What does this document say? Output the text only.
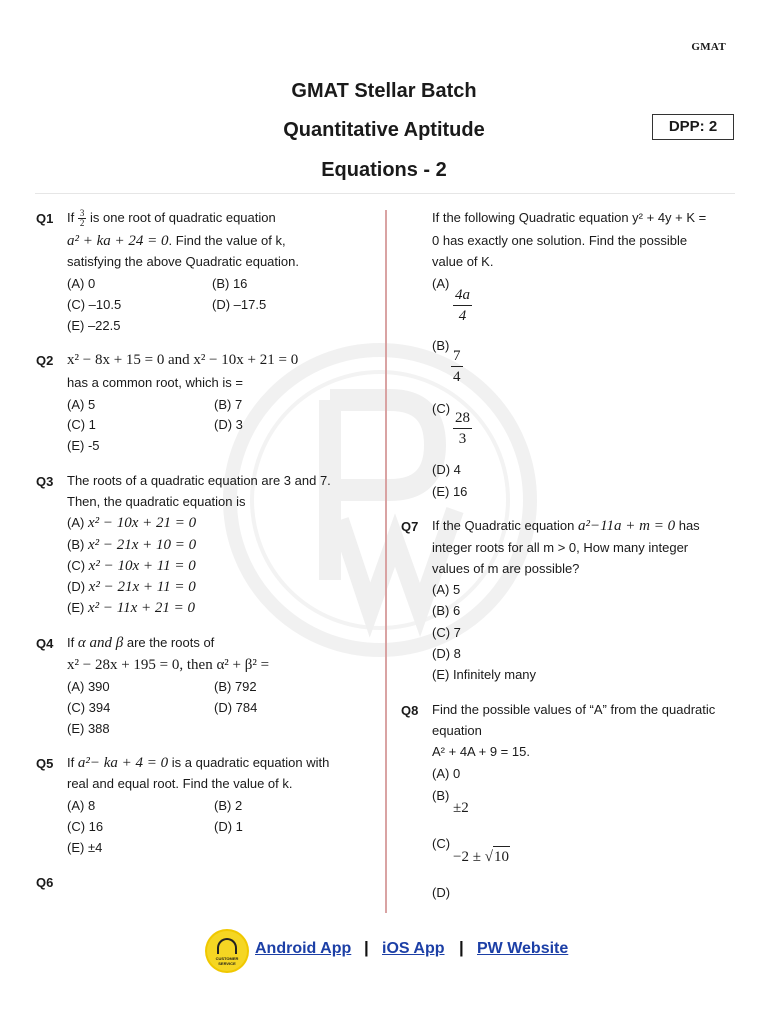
GMAT
GMAT Stellar Batch
Quantitative Aptitude
Equations - 2
DPP: 2
Q1 If $\frac{3}{2}$ is one root of quadratic equation
a² + ka + 24 = 0. Find the value of k,
satisfying the above Quadratic equation.
(A) 0	(B) 16
(C) –10.5	(D) –17.5
(E) –22.5
Q2 x² − 8x + 15 = 0 and x² − 10x + 21 = 0
has a common root, which is =
(A) 5	(B) 7
(C) 1	(D) 3
(E) -5
Q3 The roots of a quadratic equation are 3 and 7.
Then, the quadratic equation is
(A) x² − 10x + 21 = 0
(B) x² − 21x + 10 = 0
(C) x² − 10x + 11 = 0
(D) x² − 21x + 11 = 0
(E) x² − 11x + 21 = 0
Q4 If α and β are the roots of
x² − 28x + 195 = 0, then α² + β² =
(A) 390	(B) 792
(C) 394	(D) 784
(E) 388
Q5 If a²− ka + 4 = 0 is a quadratic equation with
real and equal root. Find the value of k.
(A) 8	(B) 2
(C) 16	(D) 1
(E) ±4
Q6
If the following Quadratic equation y² + 4y + K =
0 has exactly one solution. Find the possible
value of K.
(A)
$\frac{4a}{4}$
(B)
$\frac{7}{4}$
$(C) \frac{28}{3}$
(D) 4
(E) 16
Q7 If the Quadratic equation a²−11a + m = 0 has
integer roots for all m > 0, How many integer
values of m are possible?
(A) 5
(B) 6
(C) 7
(D) 8
(E) Infinitely many
Q8 Find the possible values of “A” from the quadratic
equation
A² + 4A + 9 = 15.
(A) 0
(B)
±2
(C)
−2 ± √10
(D)
CUSTOMER SERVICE
Android App | iOS App | PW Website
